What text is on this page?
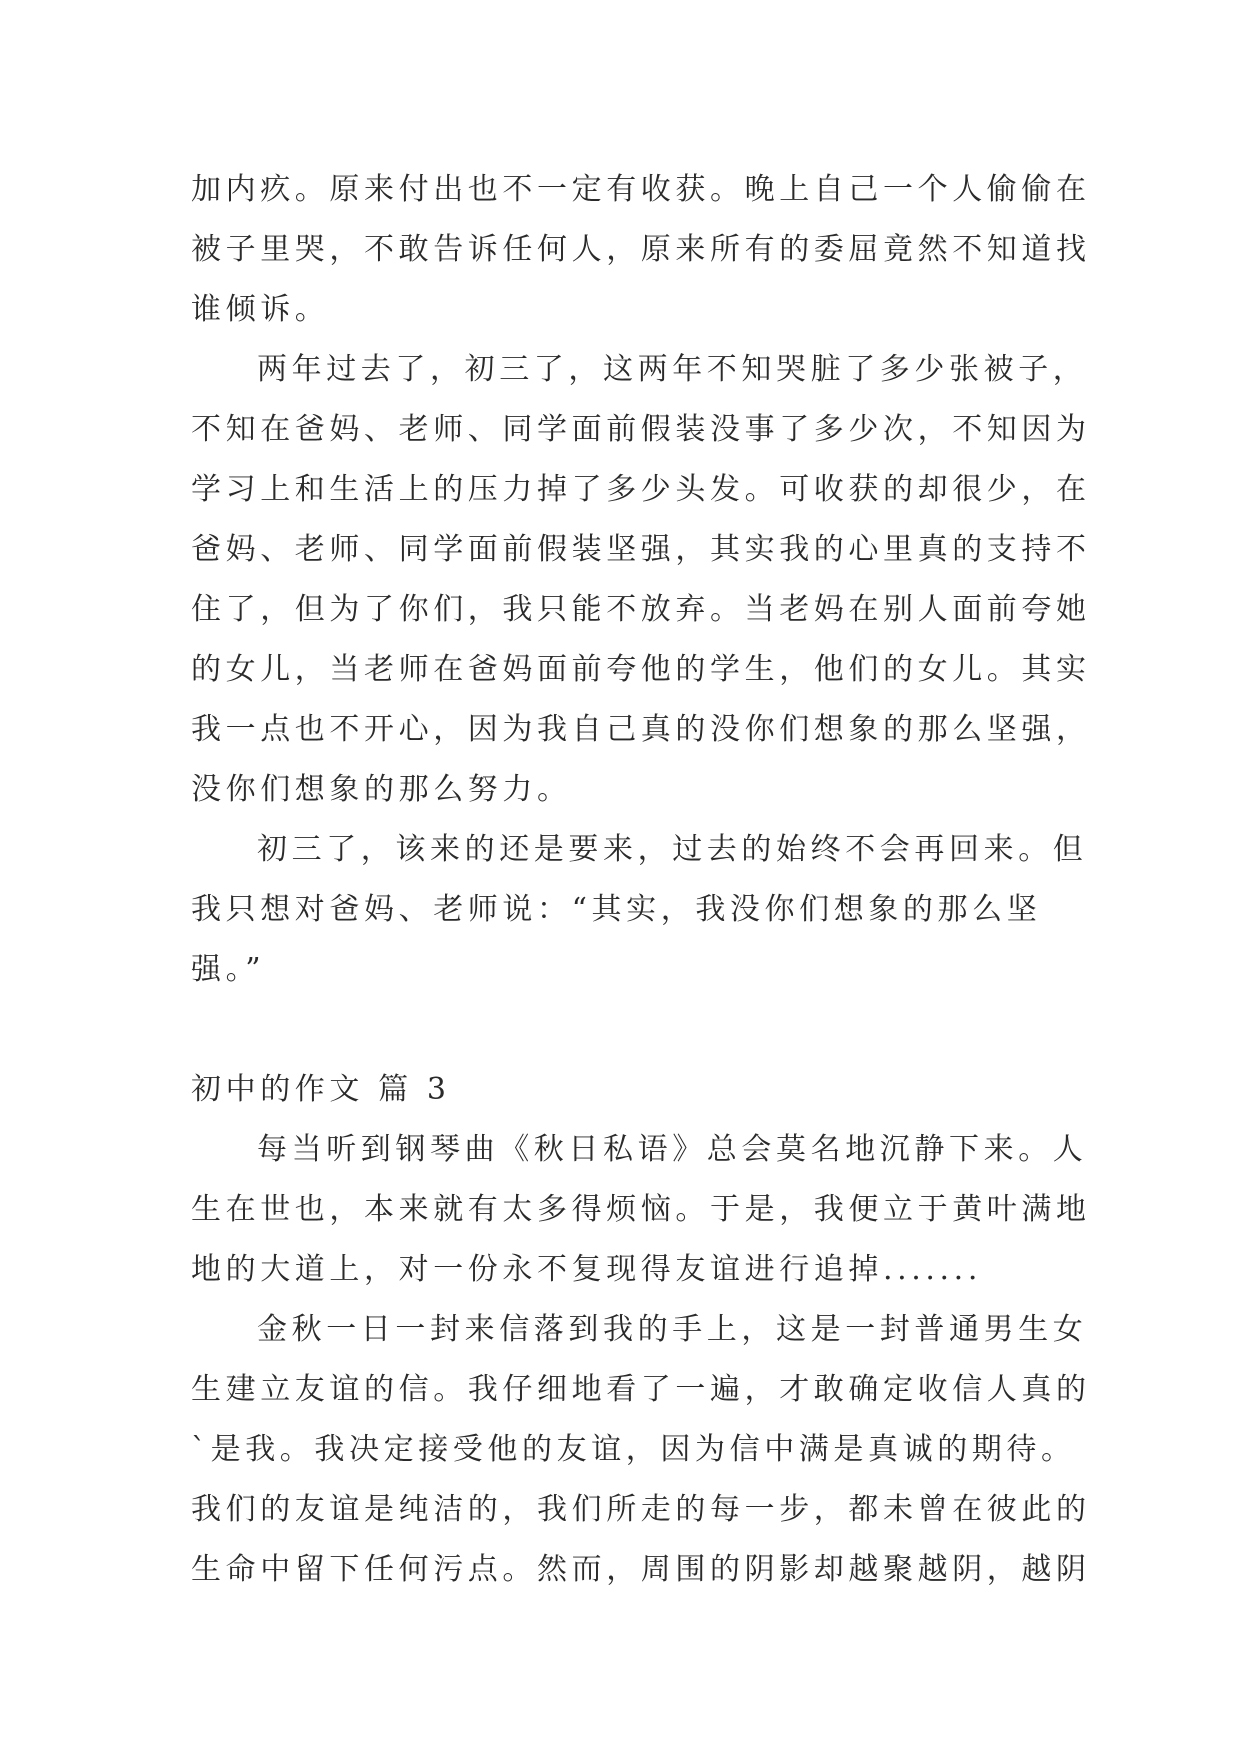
加内疚。原来付出也不一定有收获。晚上自己一个人偷偷在
被子里哭，不敢告诉任何人，原来所有的委屈竟然不知道找
谁倾诉。
两年过去了，初三了，这两年不知哭脏了多少张被子，
不知在爸妈、老师、同学面前假装没事了多少次，不知因为
学习上和生活上的压力掉了多少头发。可收获的却很少，在
爸妈、老师、同学面前假装坚强，其实我的心里真的支持不
住了，但为了你们，我只能不放弃。当老妈在别人面前夸她
的女儿，当老师在爸妈面前夸他的学生，他们的女儿。其实
我一点也不开心，因为我自己真的没你们想象的那么坚强，
没你们想象的那么努力。
初三了，该来的还是要来，过去的始终不会再回来。但
我只想对爸妈、老师说：“其实，我没你们想象的那么坚
强。”
初中的作文 篇 3
每当听到钢琴曲《秋日私语》总会莫名地沉静下来。人
生在世也，本来就有太多得烦恼。于是，我便立于黄叶满地
地的大道上，对一份永不复现得友谊进行追掉.......
金秋一日一封来信落到我的手上，这是一封普通男生女
生建立友谊的信。我仔细地看了一遍，才敢确定收信人真的
`是我。我决定接受他的友谊，因为信中满是真诚的期待。
我们的友谊是纯洁的，我们所走的每一步，都未曾在彼此的
生命中留下任何污点。然而，周围的阴影却越聚越阴，越阴
